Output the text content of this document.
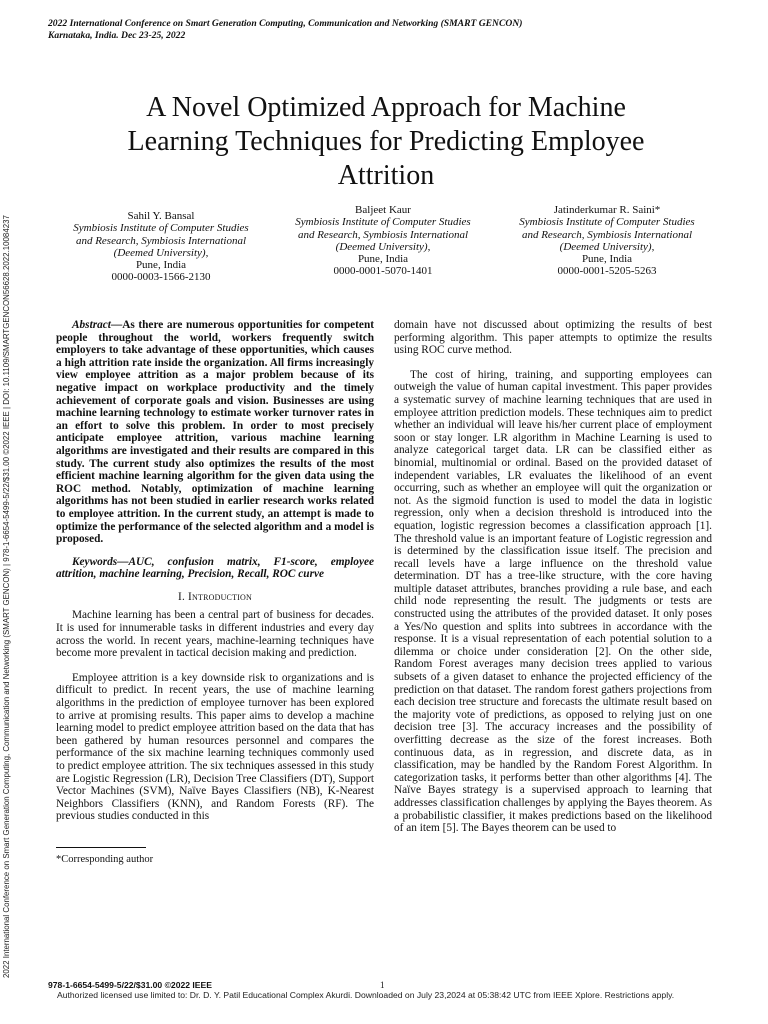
2022 International Conference on Smart Generation Computing, Communication and Networking (SMART GENCON)
Karnataka, India. Dec 23-25, 2022
2022 International Conference on Smart Generation Computing, Communication and Networking (SMART GENCON) | 978-1-6654-5499-5/22/$31.00 ©2022 IEEE | DOI: 10.1109/SMARTGENCON56628.2022.10084237
A Novel Optimized Approach for Machine
Learning Techniques for Predicting Employee
Attrition
Sahil Y. Bansal
Symbiosis Institute of Computer Studies
and Research, Symbiosis International
(Deemed University),
Pune, India
0000-0003-1566-2130
Baljeet Kaur
Symbiosis Institute of Computer Studies
and Research, Symbiosis International
(Deemed University),
Pune, India
0000-0001-5070-1401
Jatinderkumar R. Saini*
Symbiosis Institute of Computer Studies
and Research, Symbiosis International
(Deemed University),
Pune, India
0000-0001-5205-5263

Abstract—As there are numerous opportunities for competent people throughout the world, workers frequently switch employers to take advantage of these opportunities, which causes a high attrition rate inside the organization. All firms increasingly view employee attrition as a major problem because of its negative impact on workplace productivity and the timely achievement of corporate goals and vision. Businesses are using machine learning technology to estimate worker turnover rates in an effort to solve this problem. In order to most precisely anticipate employee attrition, various machine learning algorithms are investigated and their results are compared in this study. The current study also optimizes the results of the most efficient machine learning algorithm for the given data using the ROC method. Notably, optimization of machine learning algorithms has not been studied in earlier research works related to employee attrition. In the current study, an attempt is made to optimize the performance of the selected algorithm and a model is proposed.

Keywords—AUC, confusion matrix, F1-score, employee attrition, machine learning, Precision, Recall, ROC curve

I. Introduction

Machine learning has been a central part of business for decades. It is used for innumerable tasks in different industries and every day across the world. In recent years, machine-learning techniques have become more prevalent in tactical decision making and prediction.

Employee attrition is a key downside risk to organizations and is difficult to predict. In recent years, the use of machine learning algorithms in the prediction of employee turnover has been explored to arrive at promising results. This paper aims to develop a machine learning model to predict employee attrition based on the data that has been gathered by human resources personnel and compares the performance of the six machine learning techniques commonly used to predict employee attrition. The six techniques assessed in this study are Logistic Regression (LR), Decision Tree Classifiers (DT), Support Vector Machines (SVM), Naïve Bayes Classifiers (NB), K-Nearest Neighbors Classifiers (KNN), and Random Forests (RF). The previous studies conducted in this

*Corresponding author

domain have not discussed about optimizing the results of best performing algorithm. This paper attempts to optimize the results using ROC curve method.

The cost of hiring, training, and supporting employees can outweigh the value of human capital investment. This paper provides a systematic survey of machine learning techniques that are used in employee attrition prediction models. These techniques aim to predict whether an individual will leave his/her current place of employment soon or stay longer. LR algorithm in Machine Learning is used to analyze categorical target data. LR can be classified either as binomial, multinomial or ordinal. Based on the provided dataset of independent variables, LR evaluates the likelihood of an event occurring, such as whether an employee will quit the organization or not. As the sigmoid function is used to model the data in logistic regression, only when a decision threshold is introduced into the equation, logistic regression becomes a classification approach [1]. The threshold value is an important feature of Logistic regression and is determined by the classification issue itself. The precision and recall levels have a large influence on the threshold value determination. DT has a tree-like structure, with the core having multiple dataset attributes, branches providing a rule base, and each child node representing the result. The judgments or tests are constructed using the attributes of the provided dataset. It only poses a Yes/No question and splits into subtrees in accordance with the response. It is a visual representation of each potential solution to a dilemma or choice under consideration [2]. On the other side, Random Forest averages many decision trees applied to various subsets of a given dataset to enhance the projected efficiency of the prediction on that dataset. The random forest gathers projections from each decision tree structure and forecasts the ultimate result based on the majority vote of predictions, as opposed to relying just on one decision tree [3]. The accuracy increases and the possibility of overfitting decrease as the size of the forest increases. Both continuous data, as in regression, and discrete data, as in classification, may be handled by the Random Forest Algorithm. In categorization tasks, it performs better than other algorithms [4]. The Naïve Bayes strategy is a supervised approach to learning that addresses classification challenges by applying the Bayes theorem. As a probabilistic classifier, it makes predictions based on the likelihood of an item [5]. The Bayes theorem can be used to

978-1-6654-5499-5/22/$31.00 ©2022 IEEE	1
Authorized licensed use limited to: Dr. D. Y. Patil Educational Complex Akurdi. Downloaded on July 23,2024 at 05:38:42 UTC from IEEE Xplore. Restrictions apply.
